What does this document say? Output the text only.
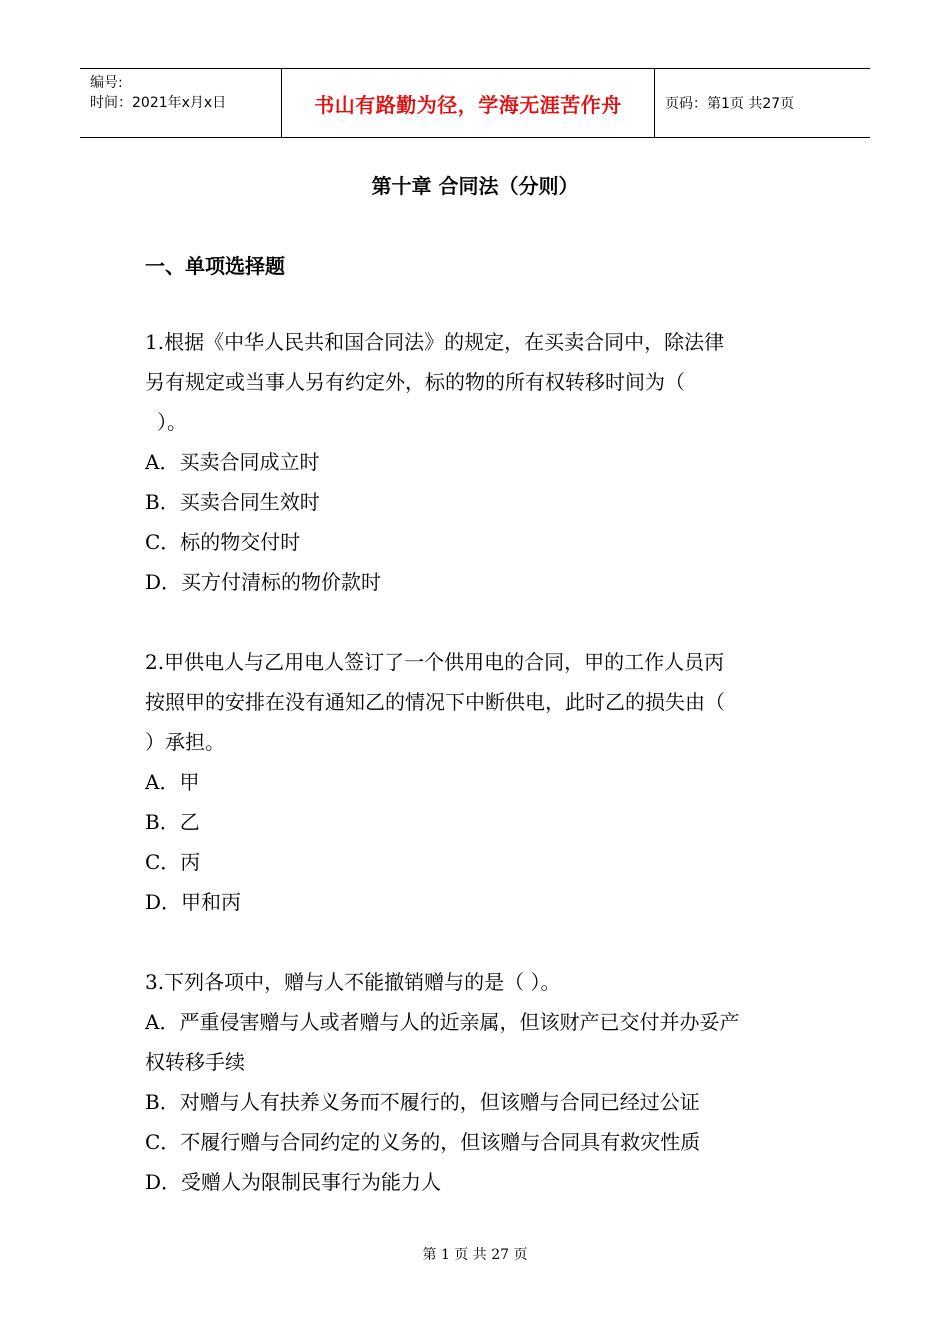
编号:
时间：2021年x月x日	书山有路勤为径，学海无涯苦作舟	页码：第1页 共27页
第十章 合同法（分则）
一、单项选择题

1.根据《中华人民共和国合同法》的规定，在买卖合同中，除法律

另有规定或当事人另有约定外，标的物的所有权转移时间为（

）。

A．买卖合同成立时

B．买卖合同生效时

C．标的物交付时

D．买方付清标的物价款时

2.甲供电人与乙用电人签订了一个供用电的合同，甲的工作人员丙

按照甲的安排在没有通知乙的情况下中断供电，此时乙的损失由（

）承担。

A．甲

B．乙

C．丙

D．甲和丙

3.下列各项中，赠与人不能撤销赠与的是（ ）。

A．严重侵害赠与人或者赠与人的近亲属，但该财产已交付并办妥产

权转移手续

B．对赠与人有扶养义务而不履行的，但该赠与合同已经过公证

C．不履行赠与合同约定的义务的，但该赠与合同具有救灾性质

D．受赠人为限制民事行为能力人

第 1 页 共 27 页
